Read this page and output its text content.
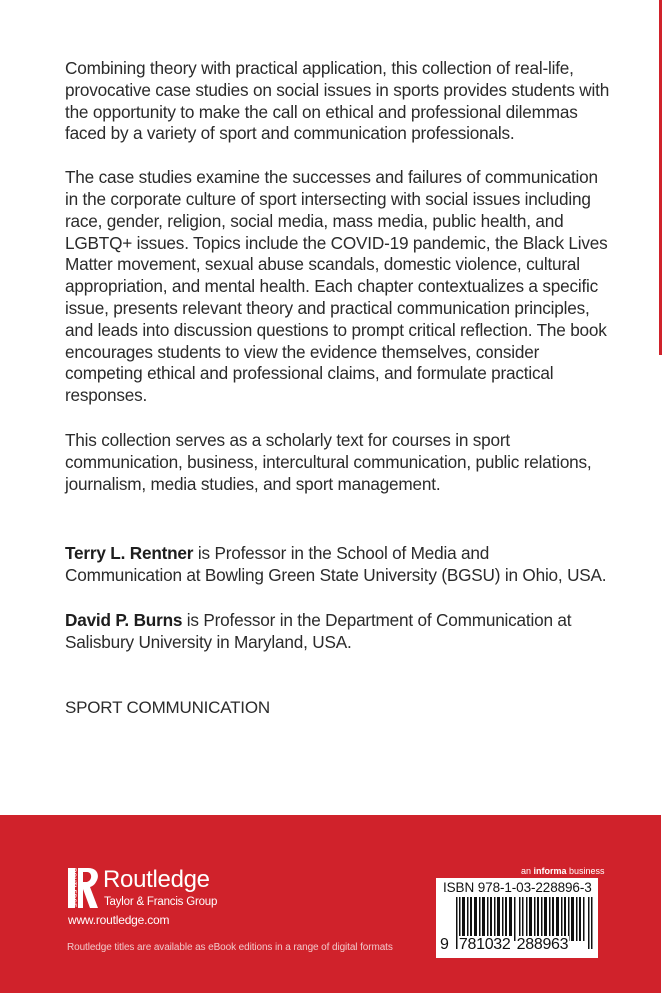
Combining theory with practical application, this collection of real-life, provocative case studies on social issues in sports provides students with the opportunity to make the call on ethical and professional dilemmas faced by a variety of sport and communication professionals.

The case studies examine the successes and failures of communication in the corporate culture of sport intersecting with social issues including race, gender, religion, social media, mass media, public health, and LGBTQ+ issues. Topics include the COVID-19 pandemic, the Black Lives Matter movement, sexual abuse scandals, domestic violence, cultural appropriation, and mental health. Each chapter contextualizes a specific issue, presents relevant theory and practical communication principles, and leads into discussion questions to prompt critical reflection. The book encourages students to view the evidence themselves, consider competing ethical and professional claims, and formulate practical responses.

This collection serves as a scholarly text for courses in sport communication, business, intercultural communication, public relations, journalism, media studies, and sport management.

Terry L. Rentner is Professor in the School of Media and Communication at Bowling Green State University (BGSU) in Ohio, USA.

David P. Burns is Professor in the Department of Communication at Salisbury University in Maryland, USA.

SPORT COMMUNICATION

ROUTLEDGE Routledge
Taylor & Francis Group
www.routledge.com
Routledge titles are available as eBook editions in a range of digital formats
an informa business
ISBN 978-1-03-228896-3
9 781032 288963
